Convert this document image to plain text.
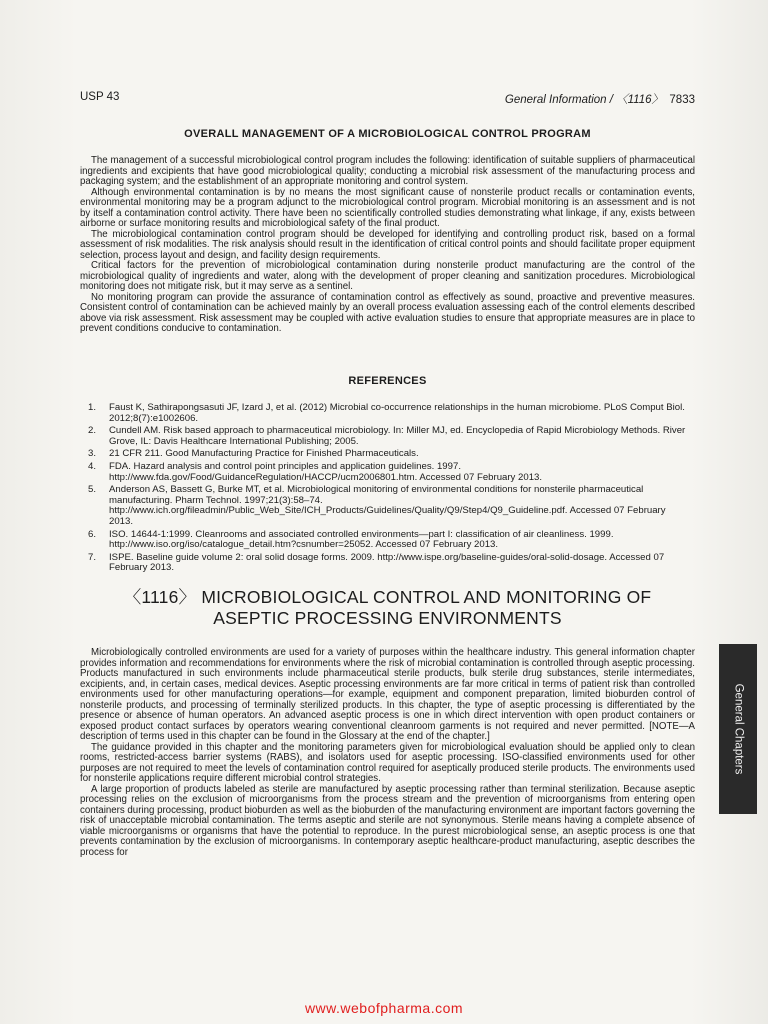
USP 43	General Information / 〈1116〉 7833
OVERALL MANAGEMENT OF A MICROBIOLOGICAL CONTROL PROGRAM

The management of a successful microbiological control program includes the following: identification of suitable suppliers of pharmaceutical ingredients and excipients that have good microbiological quality; conducting a microbial risk assessment of the manufacturing process and packaging system; and the establishment of an appropriate monitoring and control system.

Although environmental contamination is by no means the most significant cause of nonsterile product recalls or contamination events, environmental monitoring may be a program adjunct to the microbiological control program. Microbial monitoring is an assessment and is not by itself a contamination control activity. There have been no scientifically controlled studies demonstrating what linkage, if any, exists between airborne or surface monitoring results and microbiological safety of the final product.

The microbiological contamination control program should be developed for identifying and controlling product risk, based on a formal assessment of risk modalities. The risk analysis should result in the identification of critical control points and should facilitate proper equipment selection, process layout and design, and facility design requirements.

Critical factors for the prevention of microbiological contamination during nonsterile product manufacturing are the control of the microbiological quality of ingredients and water, along with the development of proper cleaning and sanitization procedures. Microbiological monitoring does not mitigate risk, but it may serve as a sentinel.

No monitoring program can provide the assurance of contamination control as effectively as sound, proactive and preventive measures. Consistent control of contamination can be achieved mainly by an overall process evaluation assessing each of the control elements described above via risk assessment. Risk assessment may be coupled with active evaluation studies to ensure that appropriate measures are in place to prevent conditions conducive to contamination.

REFERENCES
1. Faust K, Sathirapongsasuti JF, Izard J, et al. (2012) Microbial co-occurrence relationships in the human microbiome. PLoS Comput Biol. 2012;8(7):e1002606.
2. Cundell AM. Risk based approach to pharmaceutical microbiology. In: Miller MJ, ed. Encyclopedia of Rapid Microbiology Methods. River Grove, IL: Davis Healthcare International Publishing; 2005.
3. 21 CFR 211. Good Manufacturing Practice for Finished Pharmaceuticals.
4. FDA. Hazard analysis and control point principles and application guidelines. 1997. http://www.fda.gov/Food/GuidanceRegulation/HACCP/ucm2006801.htm. Accessed 07 February 2013.
5. Anderson AS, Bassett G, Burke MT, et al. Microbiological monitoring of environmental conditions for nonsterile pharmaceutical manufacturing. Pharm Technol. 1997;21(3):58–74. http://www.ich.org/fileadmin/Public_Web_Site/ICH_Products/Guidelines/Quality/Q9/Step4/Q9_Guideline.pdf. Accessed 07 February 2013.
6. ISO. 14644-1:1999. Cleanrooms and associated controlled environments—part I: classification of air cleanliness. 1999. http://www.iso.org/iso/catalogue_detail.htm?csnumber=25052. Accessed 07 February 2013.
7. ISPE. Baseline guide volume 2: oral solid dosage forms. 2009. http://www.ispe.org/baseline-guides/oral-solid-dosage. Accessed 07 February 2013.
〈1116〉 MICROBIOLOGICAL CONTROL AND MONITORING OF
ASEPTIC PROCESSING ENVIRONMENTS

Microbiologically controlled environments are used for a variety of purposes within the healthcare industry. This general information chapter provides information and recommendations for environments where the risk of microbial contamination is controlled through aseptic processing. Products manufactured in such environments include pharmaceutical sterile products, bulk sterile drug substances, sterile intermediates, excipients, and, in certain cases, medical devices. Aseptic processing environments are far more critical in terms of patient risk than controlled environments used for other manufacturing operations—for example, equipment and component preparation, limited bioburden control of nonsterile products, and processing of terminally sterilized products. In this chapter, the type of aseptic processing is differentiated by the presence or absence of human operators. An advanced aseptic process is one in which direct intervention with open product containers or exposed product contact surfaces by operators wearing conventional cleanroom garments is not required and never permitted. [NOTE—A description of terms used in this chapter can be found in the Glossary at the end of the chapter.]

The guidance provided in this chapter and the monitoring parameters given for microbiological evaluation should be applied only to clean rooms, restricted-access barrier systems (RABS), and isolators used for aseptic processing. ISO-classified environments used for other purposes are not required to meet the levels of contamination control required for aseptically produced sterile products. The environments used for nonsterile applications require different microbial control strategies.

A large proportion of products labeled as sterile are manufactured by aseptic processing rather than terminal sterilization. Because aseptic processing relies on the exclusion of microorganisms from the process stream and the prevention of microorganisms from entering open containers during processing, product bioburden as well as the bioburden of the manufacturing environment are important factors governing the risk of unacceptable microbial contamination. The terms aseptic and sterile are not synonymous. Sterile means having a complete absence of viable microorganisms or organisms that have the potential to reproduce. In the purest microbiological sense, an aseptic process is one that prevents contamination by the exclusion of microorganisms. In contemporary aseptic healthcare-product manufacturing, aseptic describes the process for

General Chapters
www.webofpharma.com
